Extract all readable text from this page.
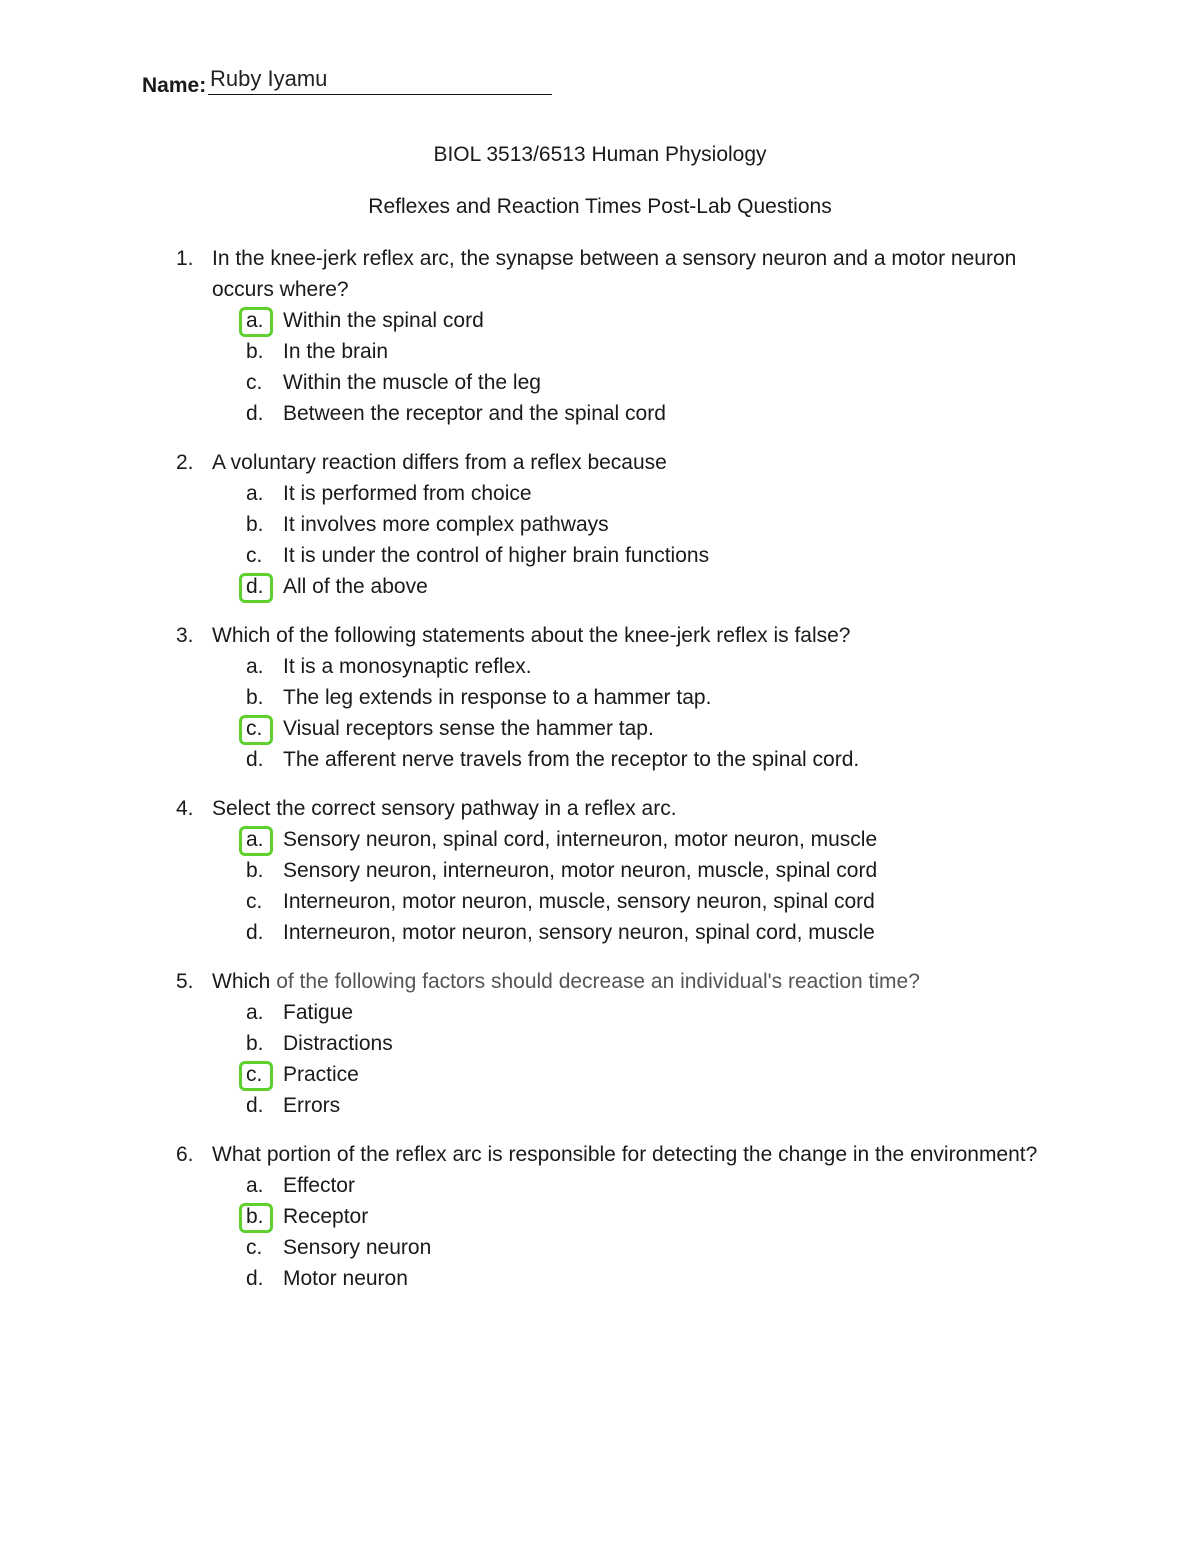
Name: Ruby Iyamu
BIOL 3513/6513 Human Physiology
Reflexes and Reaction Times Post-Lab Questions
1. In the knee-jerk reflex arc, the synapse between a sensory neuron and a motor neuron occurs where?
a. Within the spinal cord
b. In the brain
c. Within the muscle of the leg
d. Between the receptor and the spinal cord
2. A voluntary reaction differs from a reflex because
a. It is performed from choice
b. It involves more complex pathways
c. It is under the control of higher brain functions
d. All of the above
3. Which of the following statements about the knee-jerk reflex is false?
a. It is a monosynaptic reflex.
b. The leg extends in response to a hammer tap.
c. Visual receptors sense the hammer tap.
d. The afferent nerve travels from the receptor to the spinal cord.
4. Select the correct sensory pathway in a reflex arc.
a. Sensory neuron, spinal cord, interneuron, motor neuron, muscle
b. Sensory neuron, interneuron, motor neuron, muscle, spinal cord
c. Interneuron, motor neuron, muscle, sensory neuron, spinal cord
d. Interneuron, motor neuron, sensory neuron, spinal cord, muscle
5. Which of the following factors should decrease an individual's reaction time?
a. Fatigue
b. Distractions
c. Practice
d. Errors
6. What portion of the reflex arc is responsible for detecting the change in the environment?
a. Effector
b. Receptor
c. Sensory neuron
d. Motor neuron
